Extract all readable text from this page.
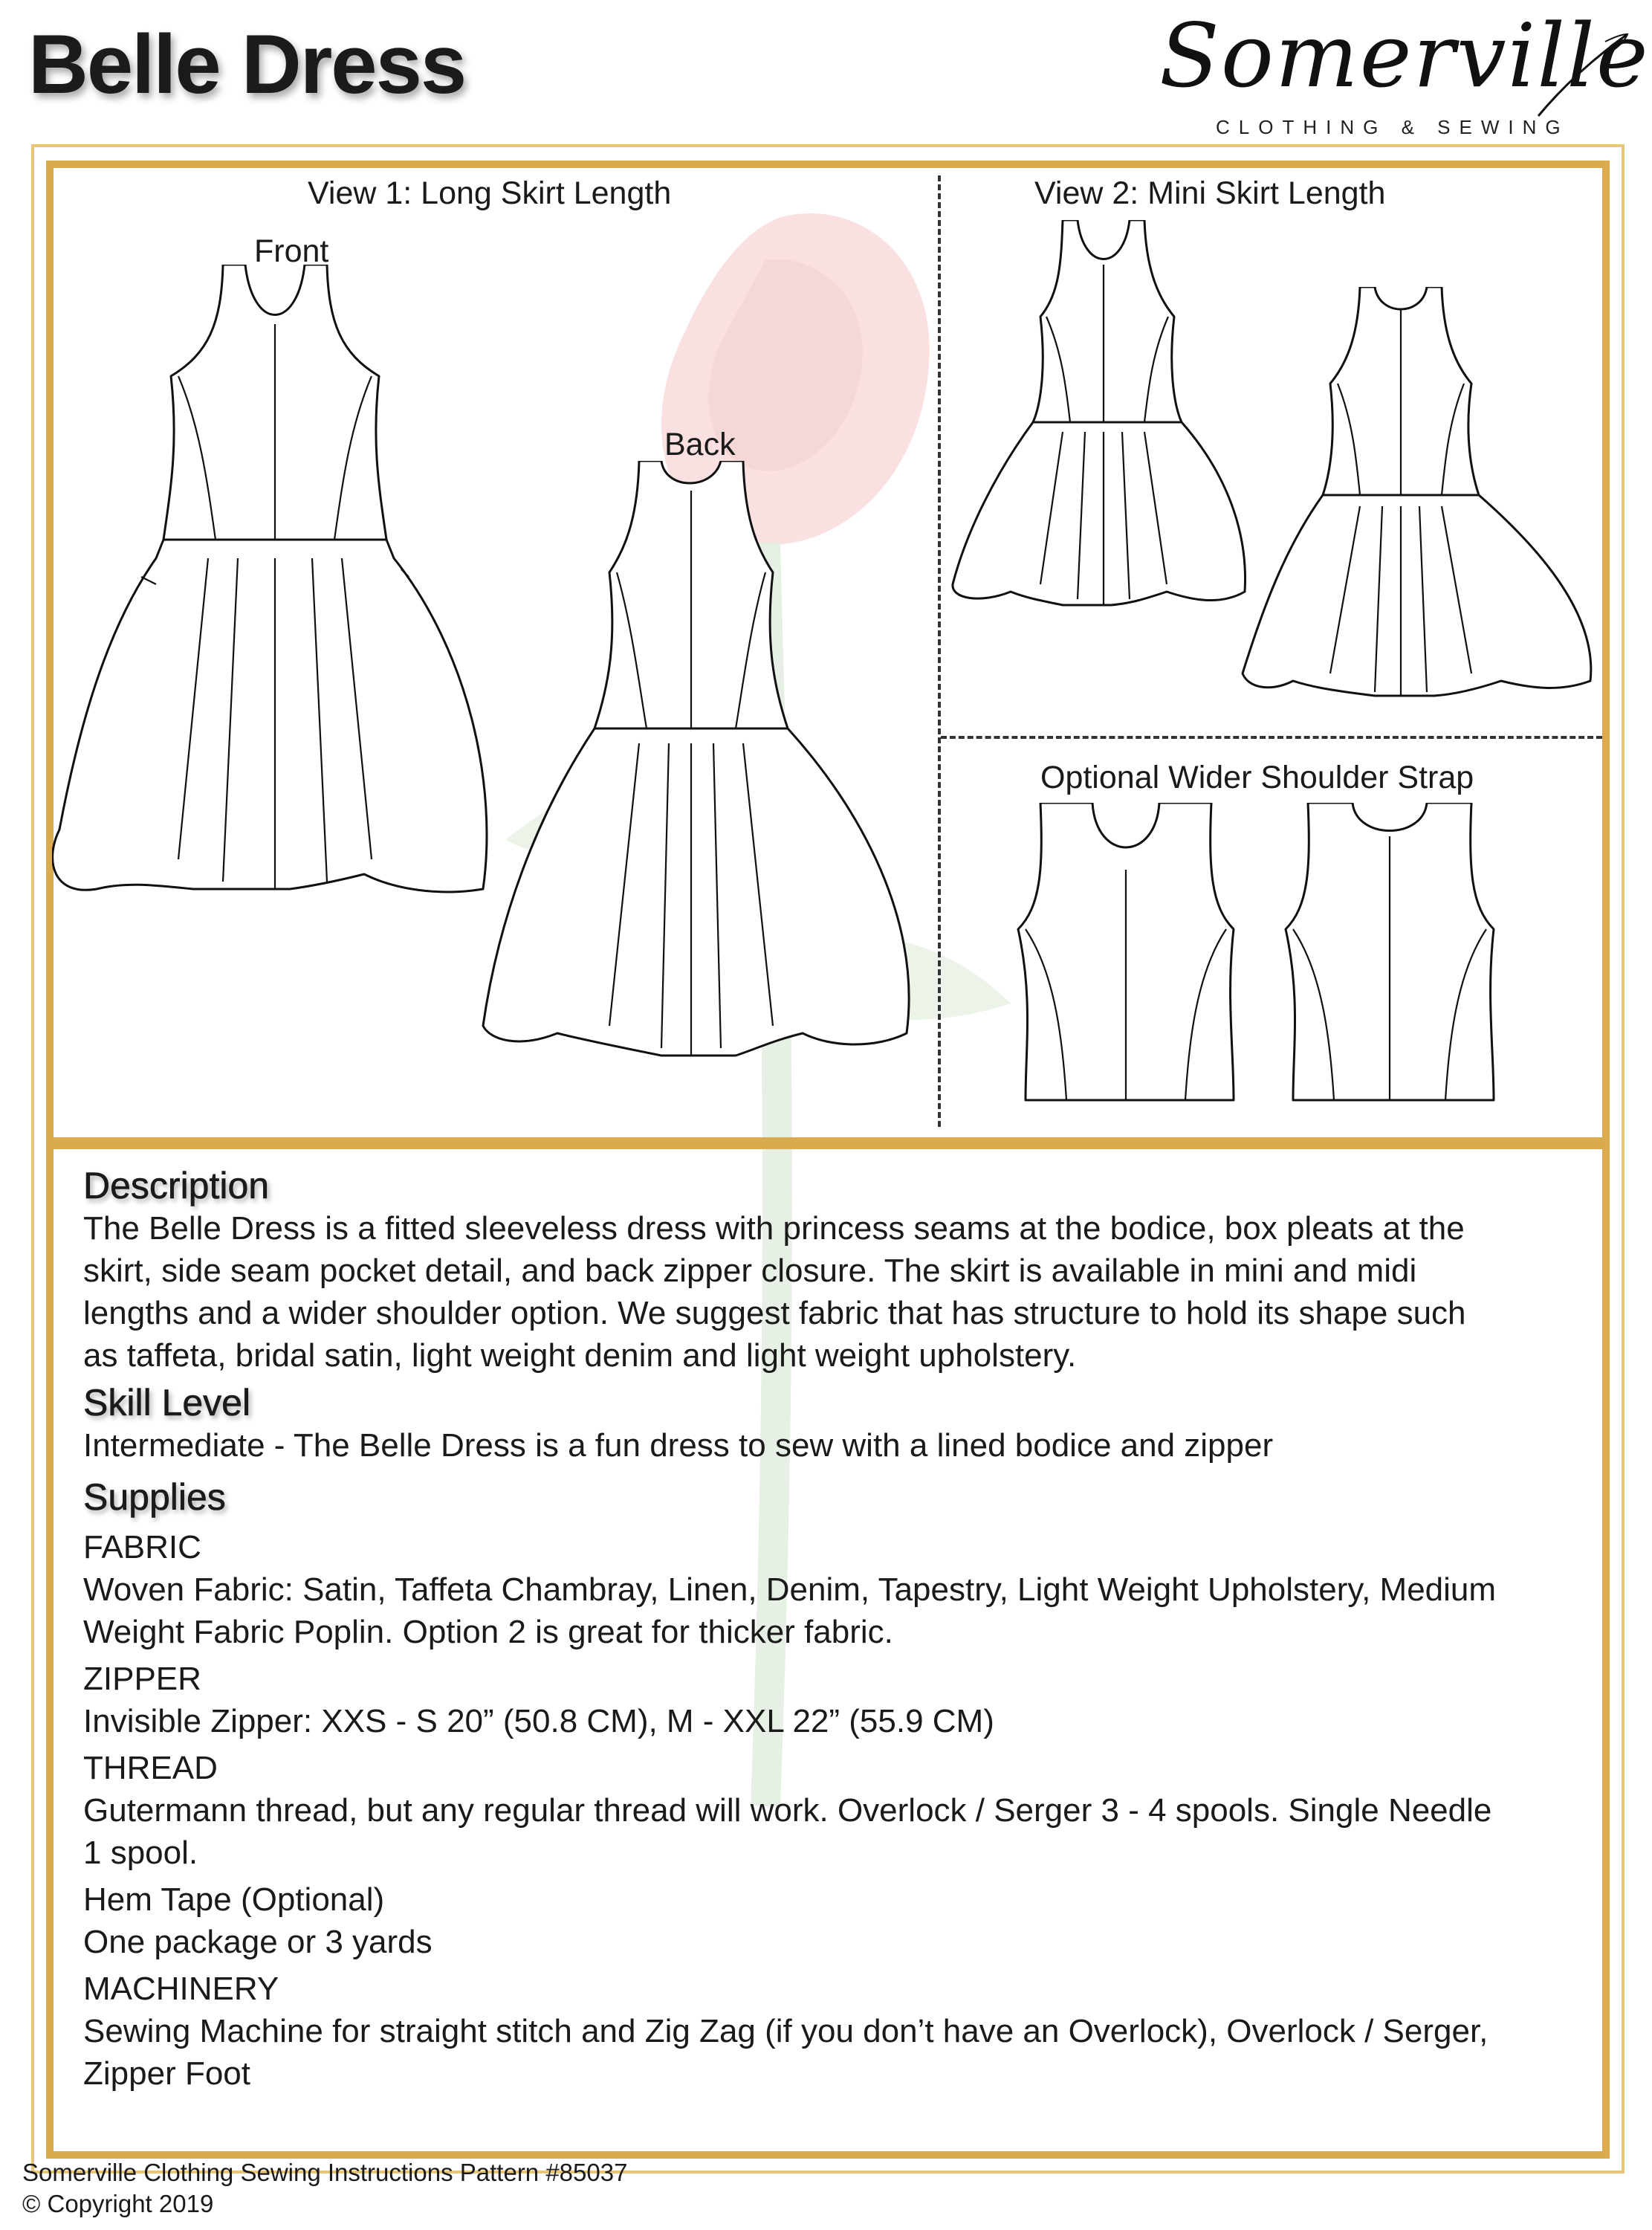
Belle Dress	Somerville
CLOTHING & SEWING
View 1: Long Skirt Length
Front
Back
View 2: Mini Skirt Length
Optional Wider Shoulder Strap
Description

The Belle Dress is a fitted sleeveless dress with princess seams at the bodice, box pleats at the

skirt, side seam pocket detail, and back zipper closure. The skirt is available in mini and midi

lengths and a wider shoulder option. We suggest fabric that has structure to hold its shape such

as taffeta, bridal satin, light weight denim and light weight upholstery.

Skill Level

Intermediate - The Belle Dress is a fun dress to sew with a lined bodice and zipper

Supplies

FABRIC

Woven Fabric: Satin, Taffeta Chambray, Linen, Denim, Tapestry, Light Weight Upholstery, Medium

Weight Fabric Poplin. Option 2 is great for thicker fabric.

ZIPPER

Invisible Zipper: XXS - S 20” (50.8 CM), M - XXL 22” (55.9 CM)

THREAD

Gutermann thread, but any regular thread will work. Overlock / Serger 3 - 4 spools. Single Needle

1 spool.

Hem Tape (Optional)

One package or 3 yards

MACHINERY

Sewing Machine for straight stitch and Zig Zag (if you don’t have an Overlock), Overlock / Serger,

Zipper Foot

Somerville Clothing Sewing Instructions Pattern #85037
© Copyright 2019
